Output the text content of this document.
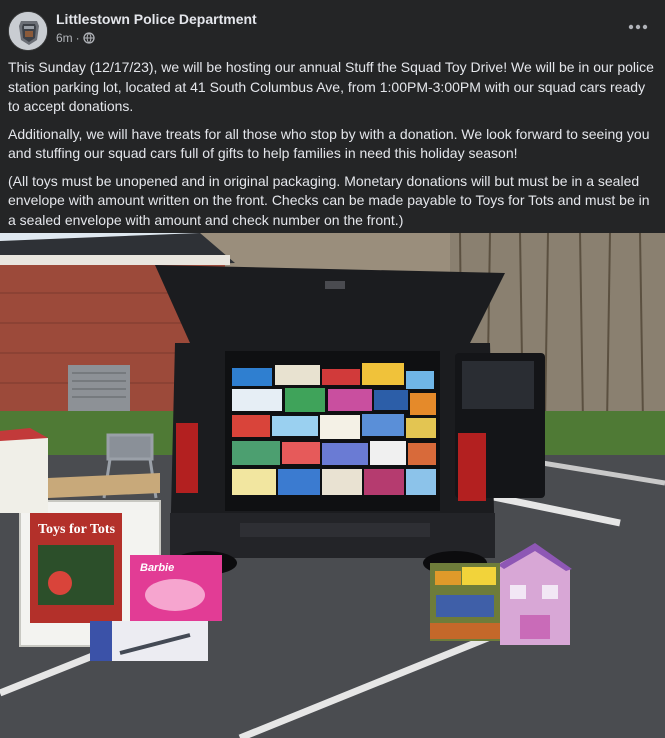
Littlestown Police Department
6m ·

This Sunday (12/17/23), we will be hosting our annual Stuff the Squad Toy Drive! We will be in our police station parking lot, located at 41 South Columbus Ave, from 1:00PM-3:00PM with our squad cars ready to accept donations.

Additionally, we will have treats for all those who stop by with a donation. We look forward to seeing you and stuffing our squad cars full of gifts to help families in need this holiday season!

(All toys must be unopened and in original packaging. Monetary donations will but must be in a sealed envelope with amount written on the front. Checks can be made payable to Toys for Tots and must be in a sealed envelope with amount and check number on the front.)

Toys for Tots
Barbie
